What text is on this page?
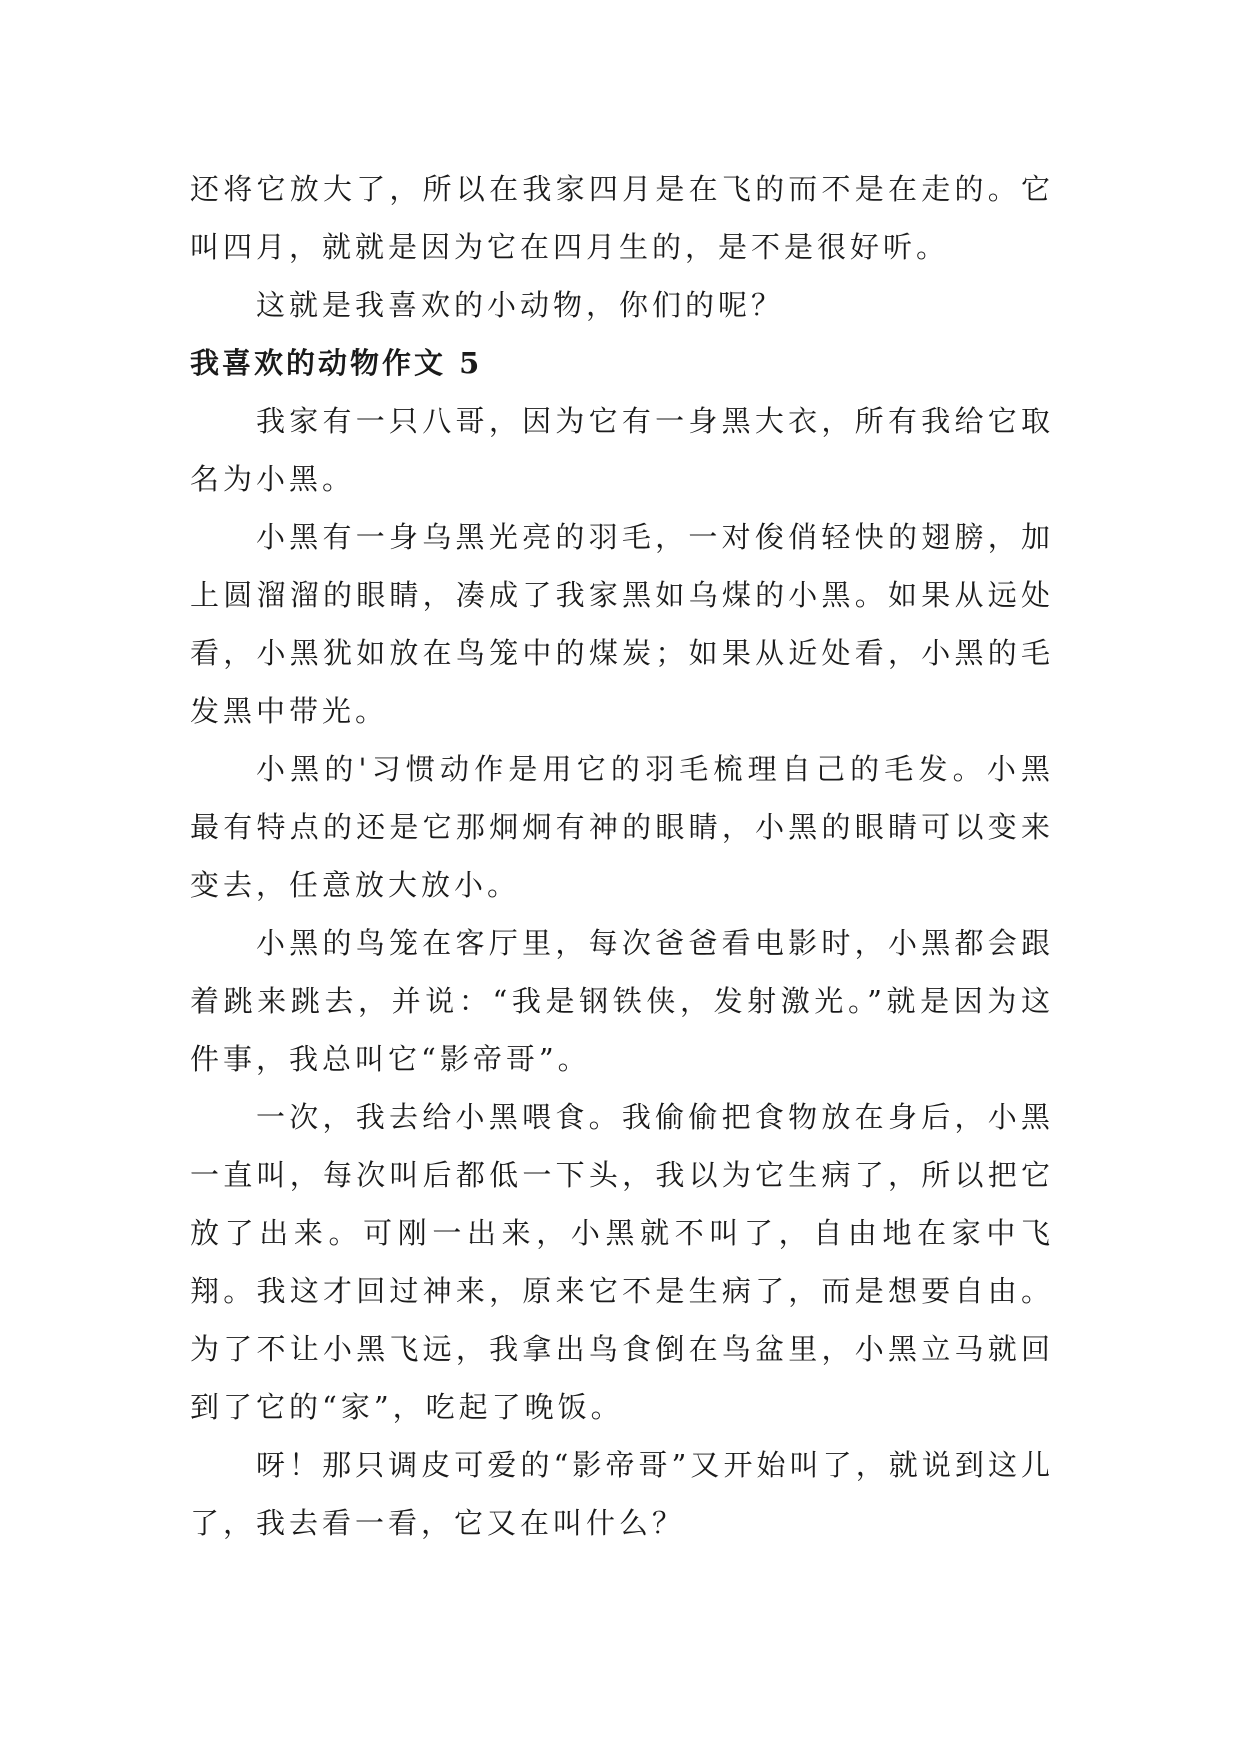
还将它放大了，所以在我家四月是在飞的而不是在走的。它叫四月，就就是因为它在四月生的，是不是很好听。

这就是我喜欢的小动物，你们的呢？

我喜欢的动物作文 5

我家有一只八哥，因为它有一身黑大衣，所有我给它取名为小黑。

小黑有一身乌黑光亮的羽毛，一对俊俏轻快的翅膀，加上圆溜溜的眼睛，凑成了我家黑如乌煤的小黑。如果从远处看，小黑犹如放在鸟笼中的煤炭；如果从近处看，小黑的毛发黑中带光。

小黑的'习惯动作是用它的羽毛梳理自己的毛发。小黑最有特点的还是它那炯炯有神的眼睛，小黑的眼睛可以变来变去，任意放大放小。

小黑的鸟笼在客厅里，每次爸爸看电影时，小黑都会跟着跳来跳去，并说：“我是钢铁侠，发射激光。”就是因为这件事，我总叫它“影帝哥”。

一次，我去给小黑喂食。我偷偷把食物放在身后，小黑一直叫，每次叫后都低一下头，我以为它生病了，所以把它放了出来。可刚一出来，小黑就不叫了，自由地在家中飞翔。我这才回过神来，原来它不是生病了，而是想要自由。为了不让小黑飞远，我拿出鸟食倒在鸟盆里，小黑立马就回到了它的“家”，吃起了晚饭。

呀！那只调皮可爱的“影帝哥”又开始叫了，就说到这儿了，我去看一看，它又在叫什么？
